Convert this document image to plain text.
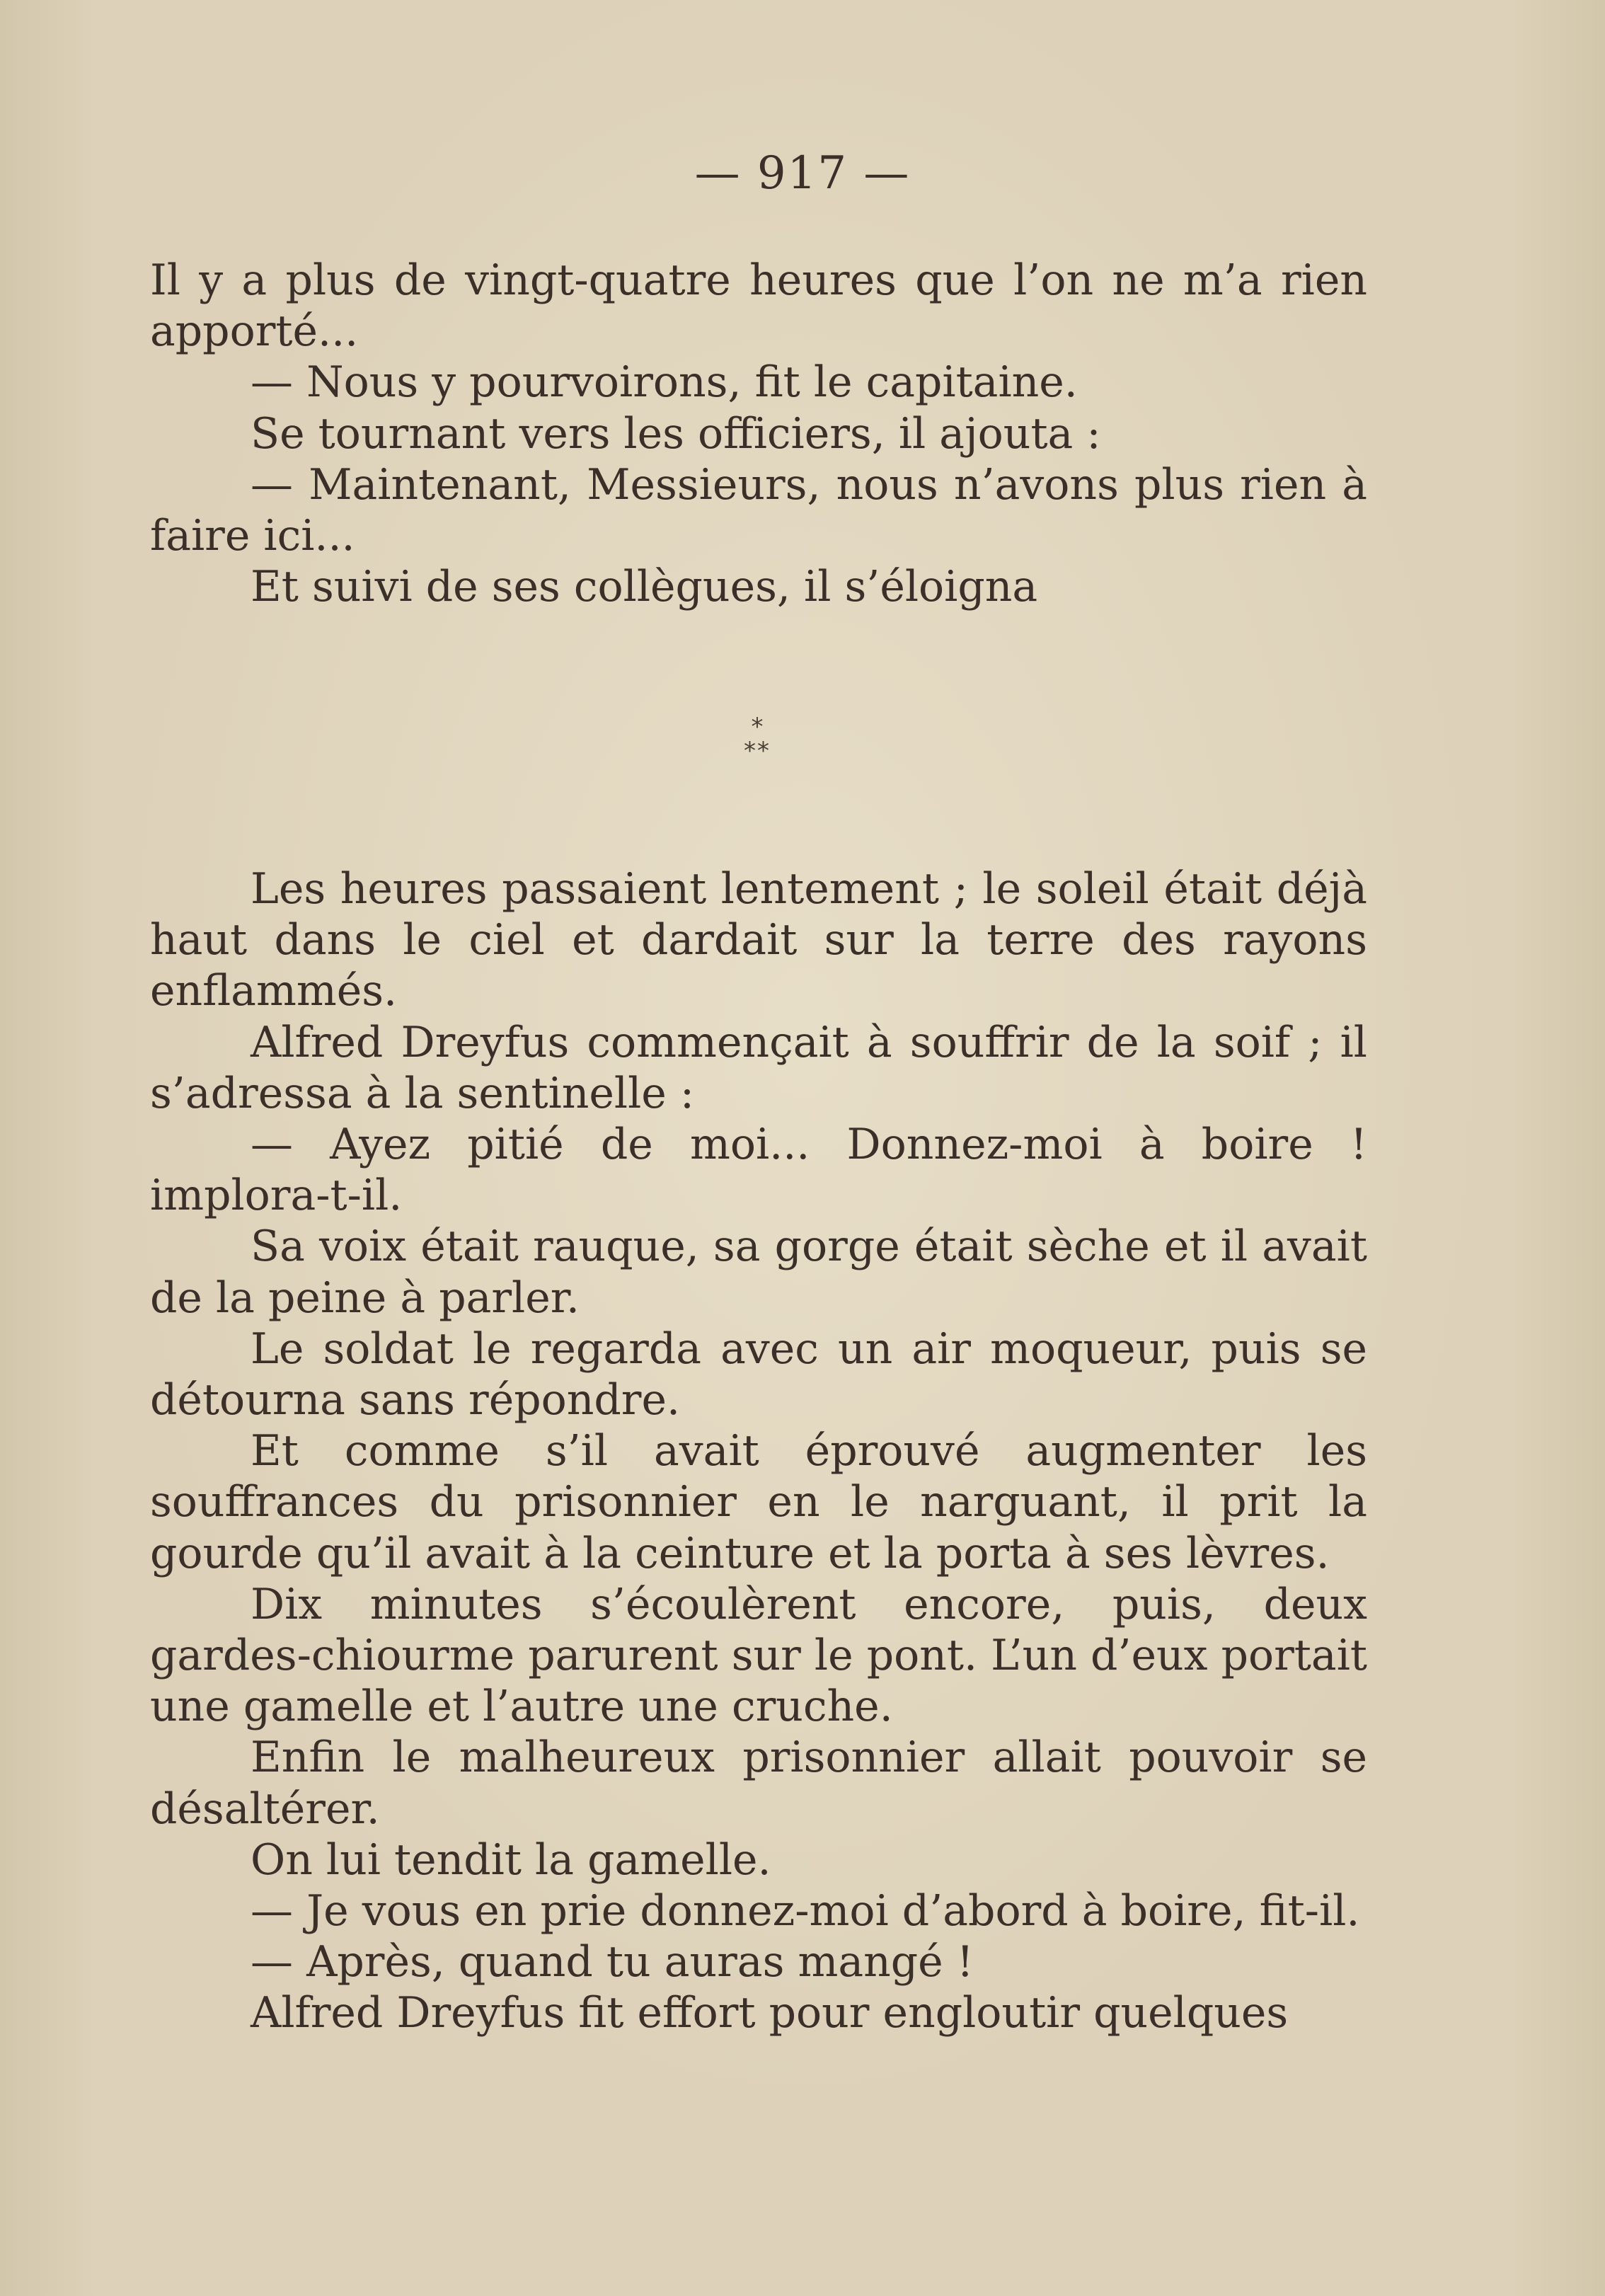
— 917 —

Il y a plus de vingt-quatre heures que l’on ne m’a rien apporté...

— Nous y pourvoirons, fit le capitaine.

Se tournant vers les officiers, il ajouta :

— Maintenant, Messieurs, nous n’avons plus rien à faire ici...

Et suivi de ses collègues, il s’éloigna

*
**

Les heures passaient lentement ; le soleil était déjà haut dans le ciel et dardait sur la terre des rayons enflammés.

Alfred Dreyfus commençait à souffrir de la soif ; il s’adressa à la sentinelle :

— Ayez pitié de moi... Donnez-moi à boire ! implora-t-il.

Sa voix était rauque, sa gorge était sèche et il avait de la peine à parler.

Le soldat le regarda avec un air moqueur, puis se détourna sans répondre.

Et comme s’il avait éprouvé augmenter les souffrances du prisonnier en le narguant, il prit la gourde qu’il avait à la ceinture et la porta à ses lèvres.

Dix minutes s’écoulèrent encore, puis, deux gardes-chiourme parurent sur le pont. L’un d’eux portait une gamelle et l’autre une cruche.

Enfin le malheureux prisonnier allait pouvoir se désaltérer.

On lui tendit la gamelle.

— Je vous en prie donnez-moi d’abord à boire, fit-il.

— Après, quand tu auras mangé !

Alfred Dreyfus fit effort pour engloutir quelques
